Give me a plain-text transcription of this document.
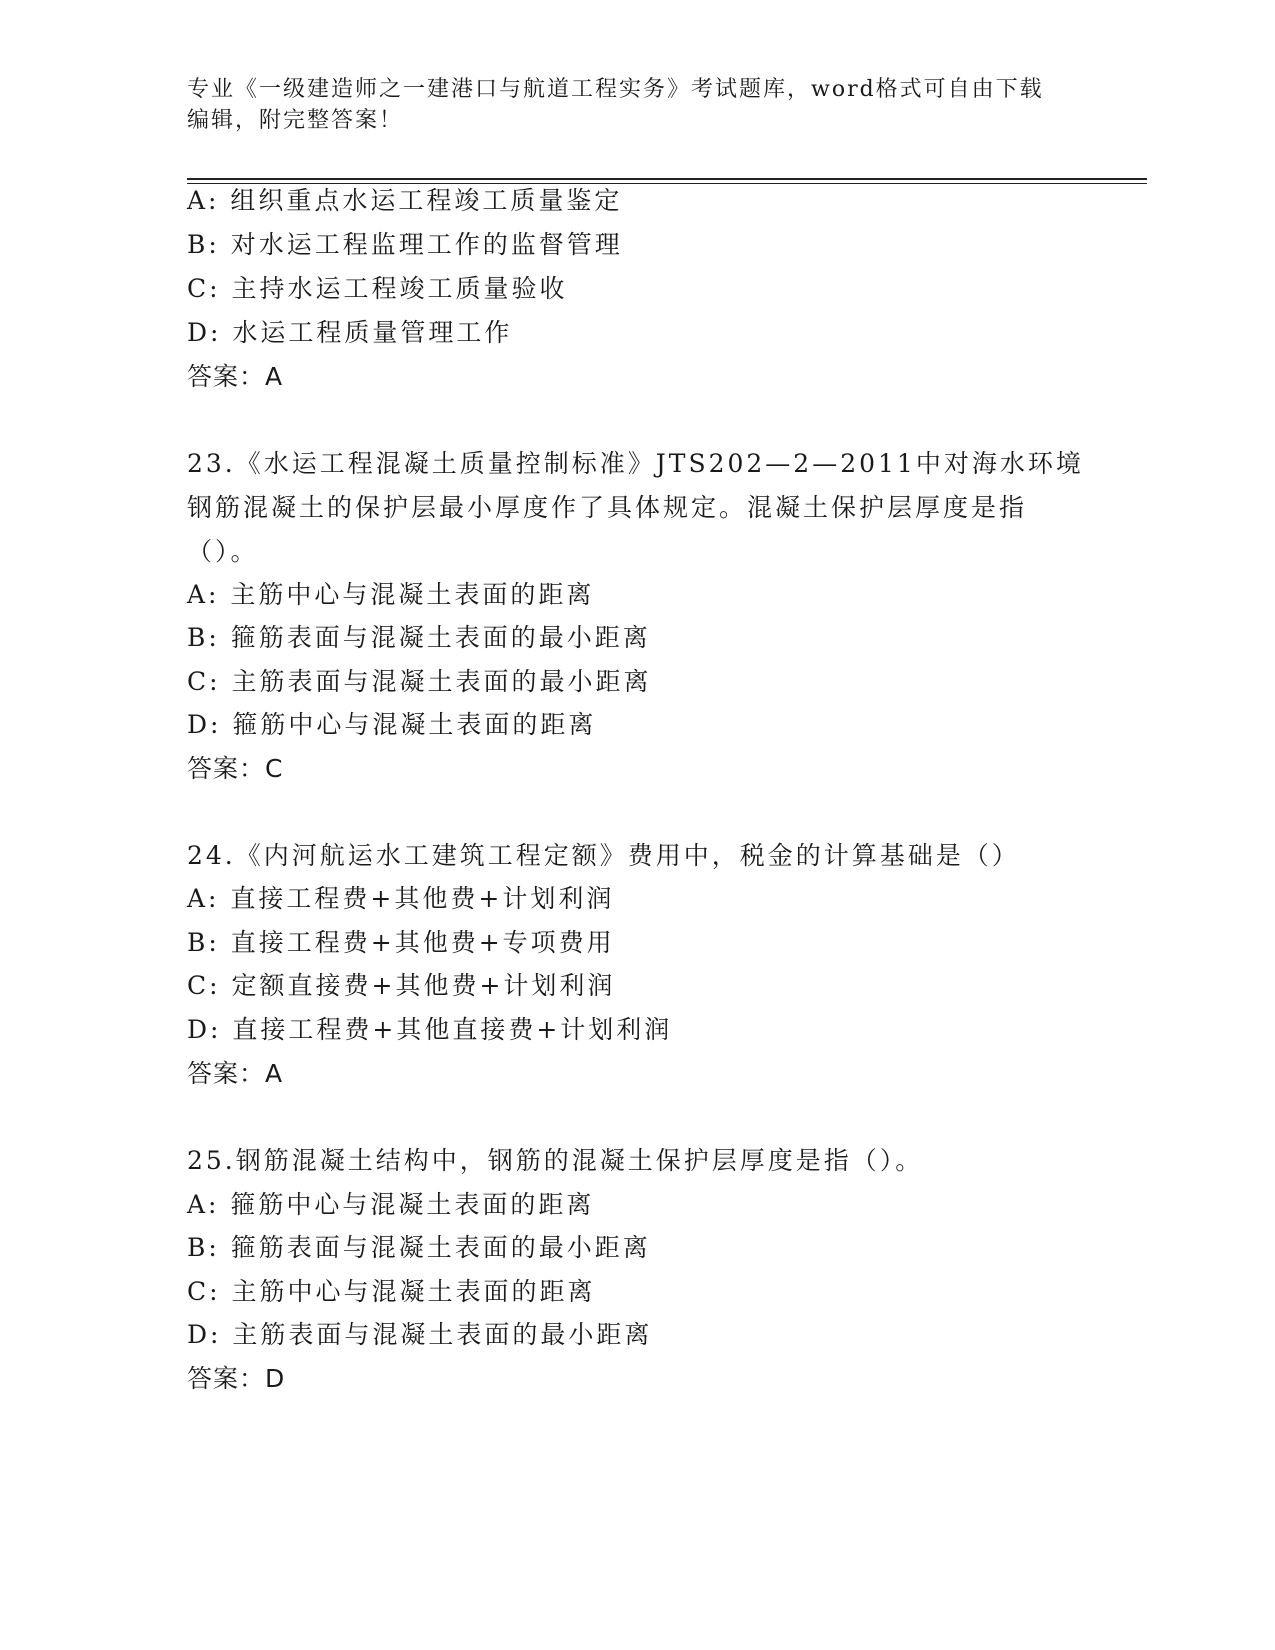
专业《一级建造师之一建港口与航道工程实务》考试题库，word格式可自由下载
编辑，附完整答案！
A: 组织重点水运工程竣工质量鉴定
B: 对水运工程监理工作的监督管理
C: 主持水运工程竣工质量验收
D: 水运工程质量管理工作
答案：A
23.《水运工程混凝土质量控制标准》JTS202—2—2011中对海水环境
钢筋混凝土的保护层最小厚度作了具体规定。混凝土保护层厚度是指
（）。
A: 主筋中心与混凝土表面的距离
B: 箍筋表面与混凝土表面的最小距离
C: 主筋表面与混凝土表面的最小距离
D: 箍筋中心与混凝土表面的距离
答案：C
24.《内河航运水工建筑工程定额》费用中，税金的计算基础是（）
A: 直接工程费+其他费+计划利润
B: 直接工程费+其他费+专项费用
C: 定额直接费+其他费+计划利润
D: 直接工程费+其他直接费+计划利润
答案：A
25.钢筋混凝土结构中，钢筋的混凝土保护层厚度是指（）。
A: 箍筋中心与混凝土表面的距离
B: 箍筋表面与混凝土表面的最小距离
C: 主筋中心与混凝土表面的距离
D: 主筋表面与混凝土表面的最小距离
答案：D
